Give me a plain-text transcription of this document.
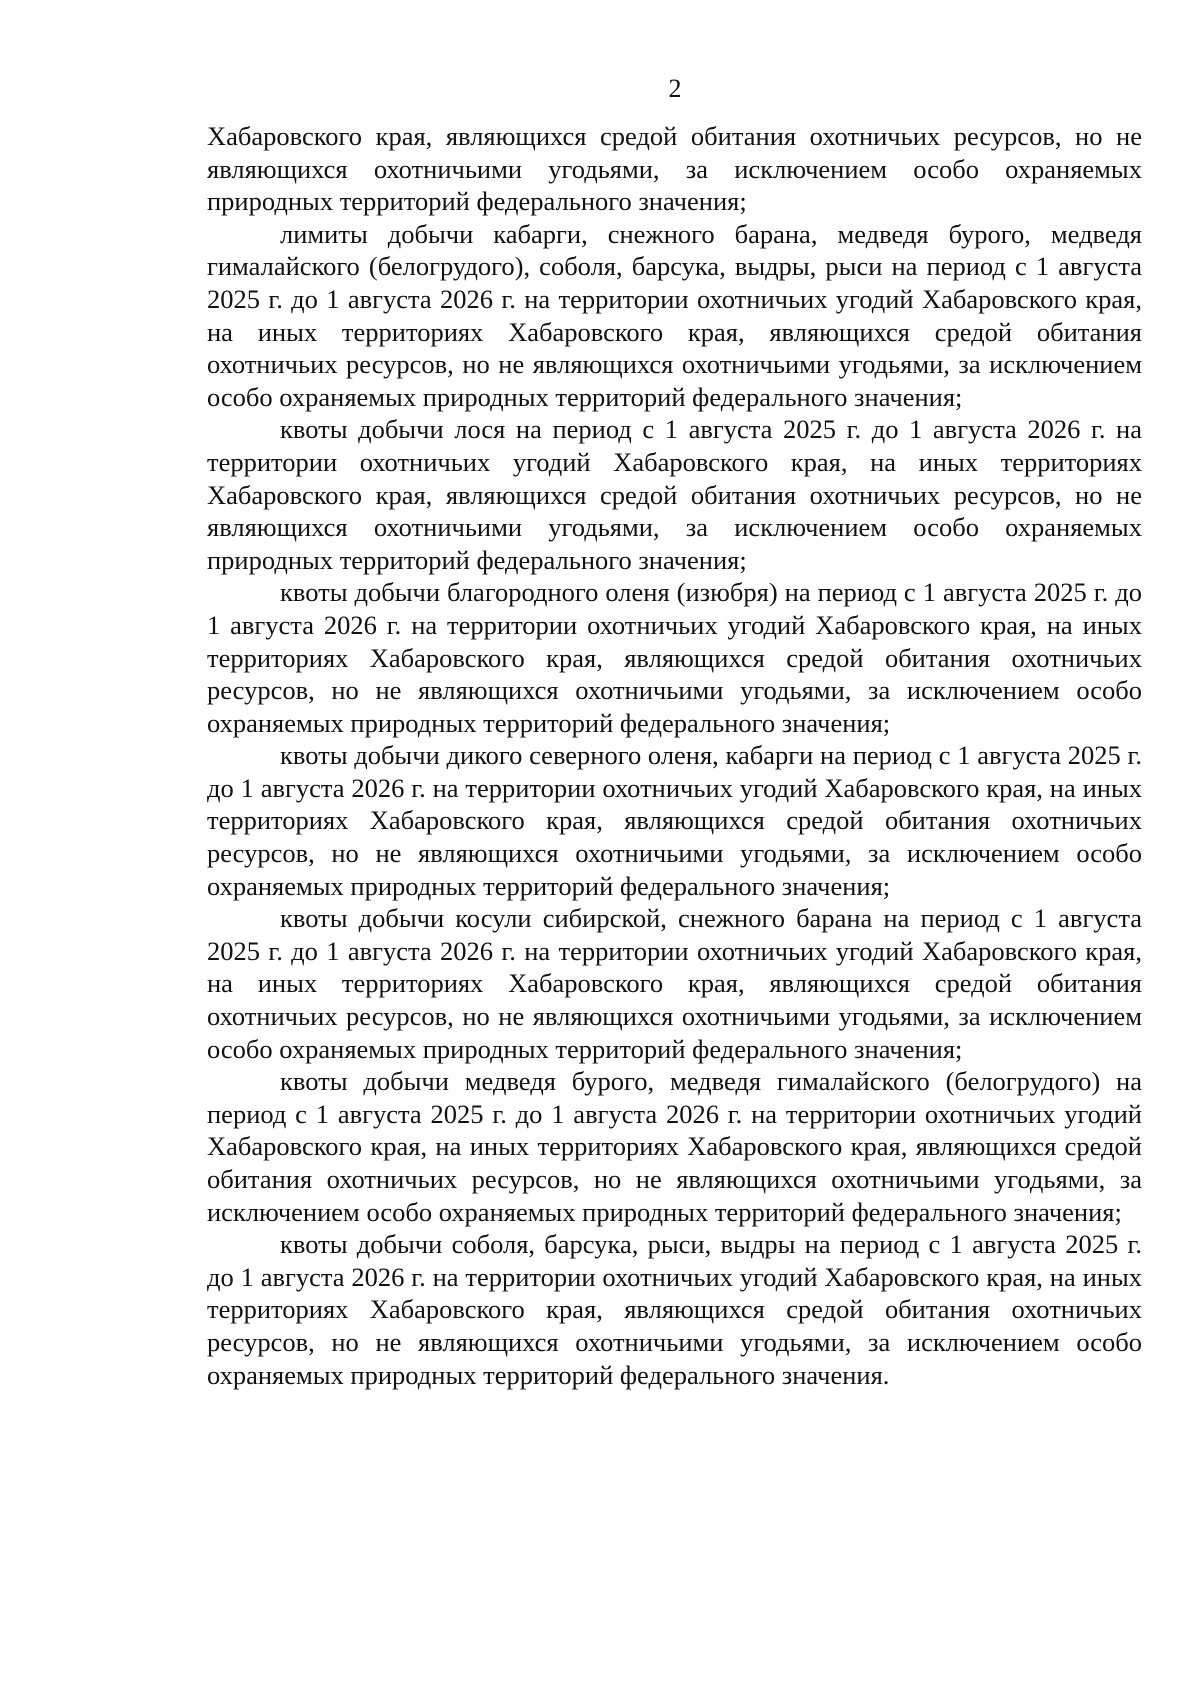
2

Хабаровского края, являющихся средой обитания охотничьих ресурсов, но не являющихся охотничьими угодьями, за исключением особо охраняемых природных территорий федерального значения;

лимиты добычи кабарги, снежного барана, медведя бурого, медведя гималайского (белогрудого), соболя, барсука, выдры, рыси на период с 1 августа 2025 г. до 1 августа 2026 г. на территории охотничьих угодий Хабаровского края, на иных территориях Хабаровского края, являющихся средой обитания охотничьих ресурсов, но не являющихся охотничьими угодьями, за исключением особо охраняемых природных территорий федерального значения;

квоты добычи лося на период с 1 августа 2025 г. до 1 августа 2026 г. на территории охотничьих угодий Хабаровского края, на иных территориях Хабаровского края, являющихся средой обитания охотничьих ресурсов, но не являющихся охотничьими угодьями, за исключением особо охраняемых природных территорий федерального значения;

квоты добычи благородного оленя (изюбря) на период с 1 августа 2025 г. до 1 августа 2026 г. на территории охотничьих угодий Хабаровского края, на иных территориях Хабаровского края, являющихся средой обитания охотничьих ресурсов, но не являющихся охотничьими угодьями, за исключением особо охраняемых природных территорий федерального значения;

квоты добычи дикого северного оленя, кабарги на период с 1 августа 2025 г. до 1 августа 2026 г. на территории охотничьих угодий Хабаровского края, на иных территориях Хабаровского края, являющихся средой обитания охотничьих ресурсов, но не являющихся охотничьими угодьями, за исключением особо охраняемых природных территорий федерального значения;

квоты добычи косули сибирской, снежного барана на период с 1 августа 2025 г. до 1 августа 2026 г. на территории охотничьих угодий Хабаровского края, на иных территориях Хабаровского края, являющихся средой обитания охотничьих ресурсов, но не являющихся охотничьими угодьями, за исключением особо охраняемых природных территорий федерального значения;

квоты добычи медведя бурого, медведя гималайского (белогрудого) на период с 1 августа 2025 г. до 1 августа 2026 г. на территории охотничьих угодий Хабаровского края, на иных территориях Хабаровского края, являющихся средой обитания охотничьих ресурсов, но не являющихся охотничьими угодьями, за исключением особо охраняемых природных территорий федерального значения;

квоты добычи соболя, барсука, рыси, выдры на период с 1 августа 2025 г. до 1 августа 2026 г. на территории охотничьих угодий Хабаровского края, на иных территориях Хабаровского края, являющихся средой обитания охотничьих ресурсов, но не являющихся охотничьими угодьями, за исключением особо охраняемых природных территорий федерального значения.
